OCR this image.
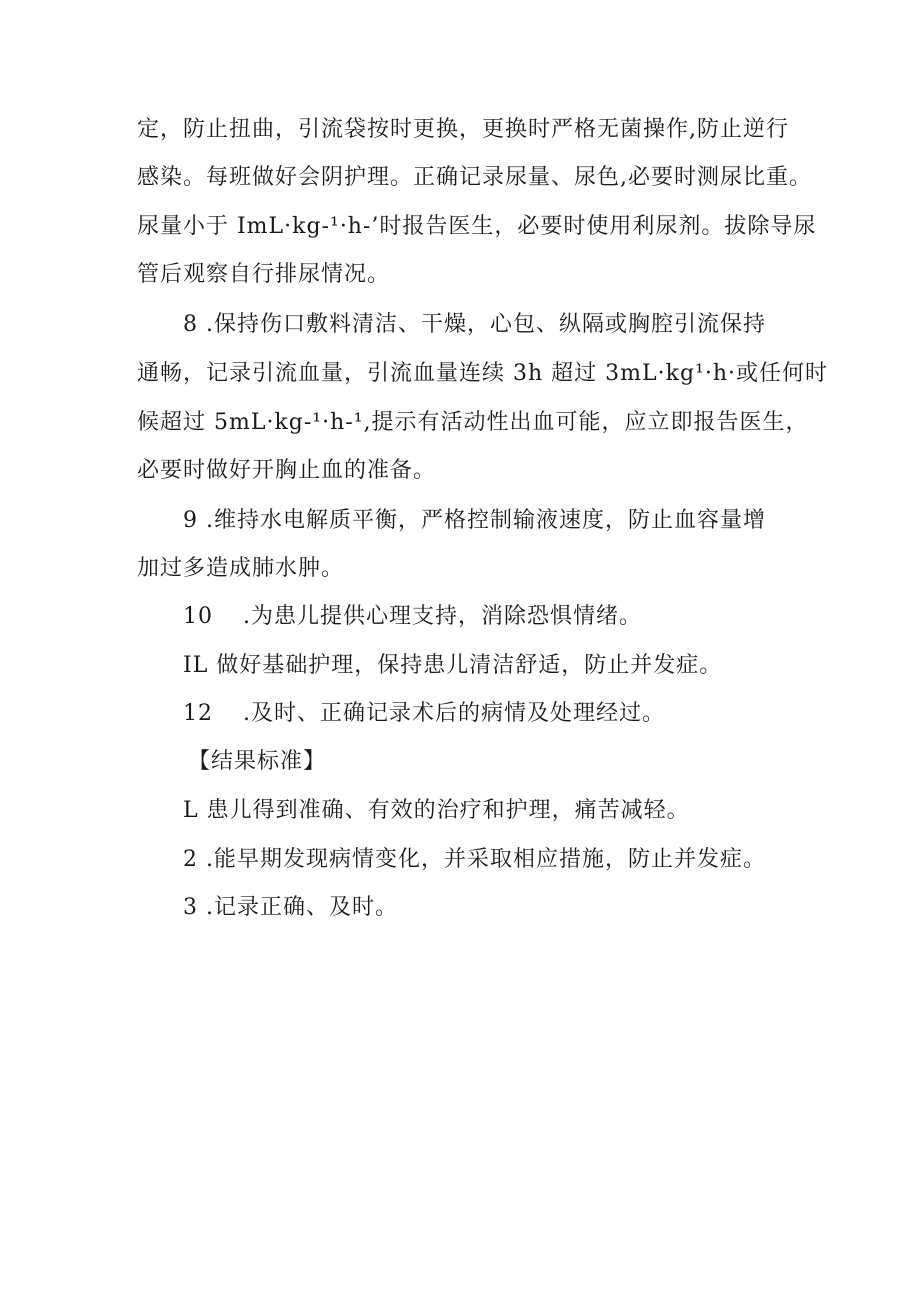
定，防止扭曲，引流袋按时更换，更换时严格无菌操作,防止逆行
感染。每班做好会阴护理。正确记录尿量、尿色,必要时测尿比重。
尿量小于 ImL·kg-¹·h-’时报告医生，必要时使用利尿剂。拔除导尿
管后观察自行排尿情况。
8 .保持伤口敷料清洁、干燥，心包、纵隔或胸腔引流保持
通畅，记录引流血量，引流血量连续 3h 超过 3mL·kg¹·h·或任何时
候超过 5mL·kg-¹·h-¹,提示有活动性出血可能，应立即报告医生，
必要时做好开胸止血的准备。
9 .维持水电解质平衡，严格控制输液速度，防止血容量增
加过多造成肺水肿。
10 .为患儿提供心理支持，消除恐惧情绪。
IL 做好基础护理，保持患儿清洁舒适，防止并发症。
12 .及时、正确记录术后的病情及处理经过。
【结果标准】
L 患儿得到准确、有效的治疗和护理，痛苦减轻。
2 .能早期发现病情变化，并采取相应措施，防止并发症。
3 .记录正确、及时。
